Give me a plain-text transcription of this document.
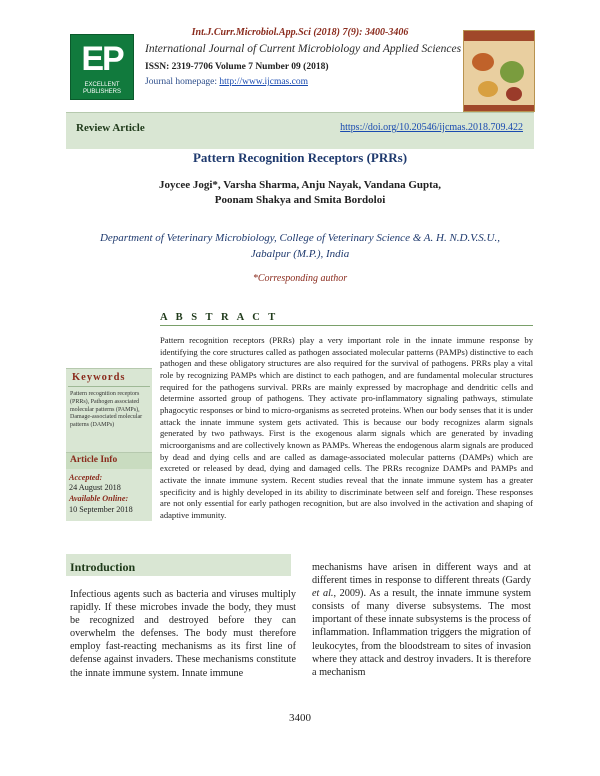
Int.J.Curr.Microbiol.App.Sci (2018) 7(9): 3400-3406
EP
EXCELLENT
PUBLISHERS
International Journal of Current Microbiology and Applied Sciences
ISSN: 2319-7706 Volume 7 Number 09 (2018)
Journal homepage: http://www.ijcmas.com
Review Article	https://doi.org/10.20546/ijcmas.2018.709.422
Pattern Recognition Receptors (PRRs)
Joycee Jogi*, Varsha Sharma, Anju Nayak, Vandana Gupta,
Poonam Shakya and Smita Bordoloi
Department of Veterinary Microbiology, College of Veterinary Science & A. H. N.D.V.S.U.,
Jabalpur (M.P.), India
*Corresponding author
A B S T R A C T
Pattern recognition receptors (PRRs) play a very important role in the innate immune response by identifying the core structures called as pathogen associated molecular patterns (PAMPs) distinctive to each pathogen and these obligatory structures are also required for the survival of pathogens. PRRs play a vital role by recognizing PAMPs which are distinct to each pathogen, and are fundamental molecular structures required for the pathogens survival. PRRs are mainly expressed by macrophage and dendritic cells and determine assorted group of pathogens. They activate pro-inflammatory signaling pathways, stimulate phagocytic responses or bind to micro-organisms as secreted proteins. When our body senses that it is under attack the innate immune system gets activated. This is because our body recognizes alarm signals generated by two pathways. First is the exogenous alarm signals which are generated by invading microorganisms and are collectively known as PAMPs. Whereas the endogenous alarm signals are produced by dead and dying cells and are called as damage-associated molecular patterns (DAMPs) which are excreted or released by dead, dying and damaged cells. The PRRs recognize DAMPs and PAMPs and activate the innate immune system. Recent studies reveal that the innate immune system has a greater specificity and is highly developed in its ability to discriminate between self and foreign. These responses are not only essential for early pathogen recognition, but are also involved in the activation and shaping of adaptive immunity.
Keywords
Pattern recognition receptors (PRRs), Pathogen associated molecular patterns (PAMPs), Damage-associated molecular patterns (DAMPs)
Article Info
Accepted:
24 August 2018
Available Online:
10 September 2018
Introduction
Infectious agents such as bacteria and viruses multiply rapidly. If these microbes invade the body, they must be recognized and destroyed before they can overwhelm the defenses. The body must therefore employ fast-reacting mechanisms as its first line of defense against invaders. These mechanisms constitute the innate immune system. Innate immune
mechanisms have arisen in different ways and at different times in response to different threats (Gardy et al., 2009). As a result, the innate immune system consists of many diverse subsystems. The most important of these innate subsystems is the process of inflammation. Inflammation triggers the migration of leukocytes, from the bloodstream to sites of invasion where they attack and destroy invaders. It is therefore a mechanism
3400
